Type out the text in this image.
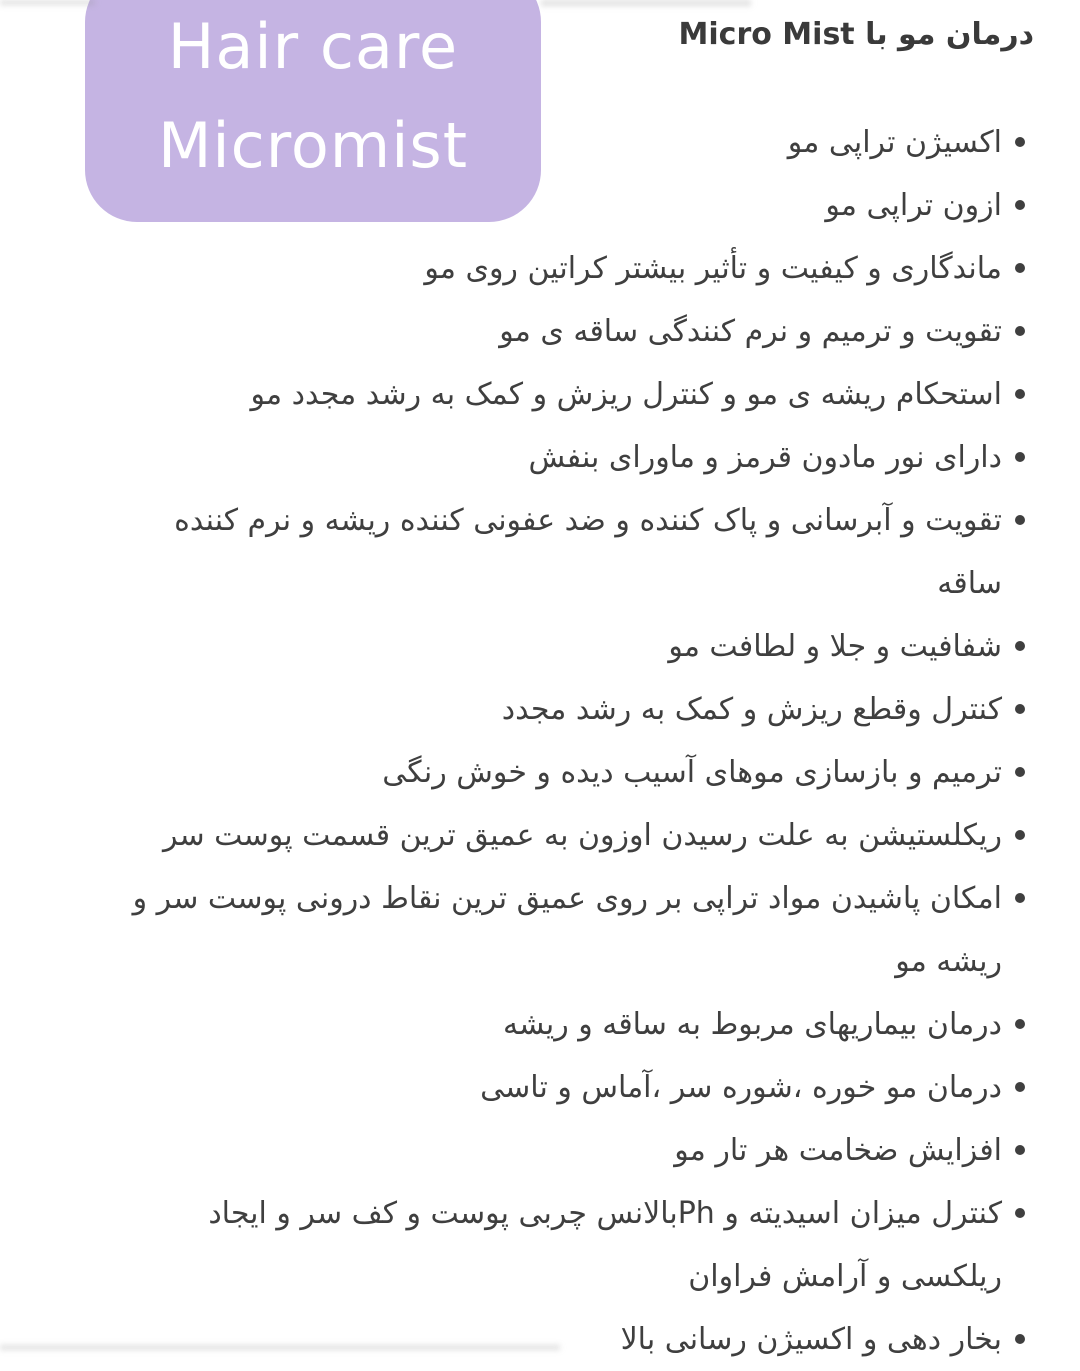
Hair care
Micromist
درمان مو با Micro Mist
اکسیژن تراپی مو
ازون تراپی مو
ماندگاری و کیفیت و تأثیر بیشتر کراتین روی مو
تقویت و ترمیم و نرم کنندگی ساقه ی مو
استحکام ریشه ی مو و کنترل ریزش و کمک به رشد مجدد مو
دارای نور مادون قرمز و ماورای بنفش
تقویت و آبرسانی و پاک کننده و ضد عفونی کننده ریشه و نرم کننده
ساقه
شفافیت و جلا و لطافت مو
کنترل وقطع ریزش و کمک به رشد مجدد
ترمیم و بازسازی موهای آسیب دیده و خوش رنگی
ریکلستیشن به علت رسیدن اوزون به عمیق ترین قسمت پوست سر
امکان پاشیدن مواد تراپی بر روی عمیق ترین نقاط درونی پوست سر و
ریشه مو
درمان بیماریهای مربوط به ساقه و ریشه
درمان مو خوره ،شوره سر ،آماس و تاسی
افزایش ضخامت هر تار مو
کنترل میزان اسیدیته و Phبالانس چربی پوست و کف سر و ایجاد
ریلکسی و آرامش فراوان
بخار دهی و اکسیژن رسانی بالا
